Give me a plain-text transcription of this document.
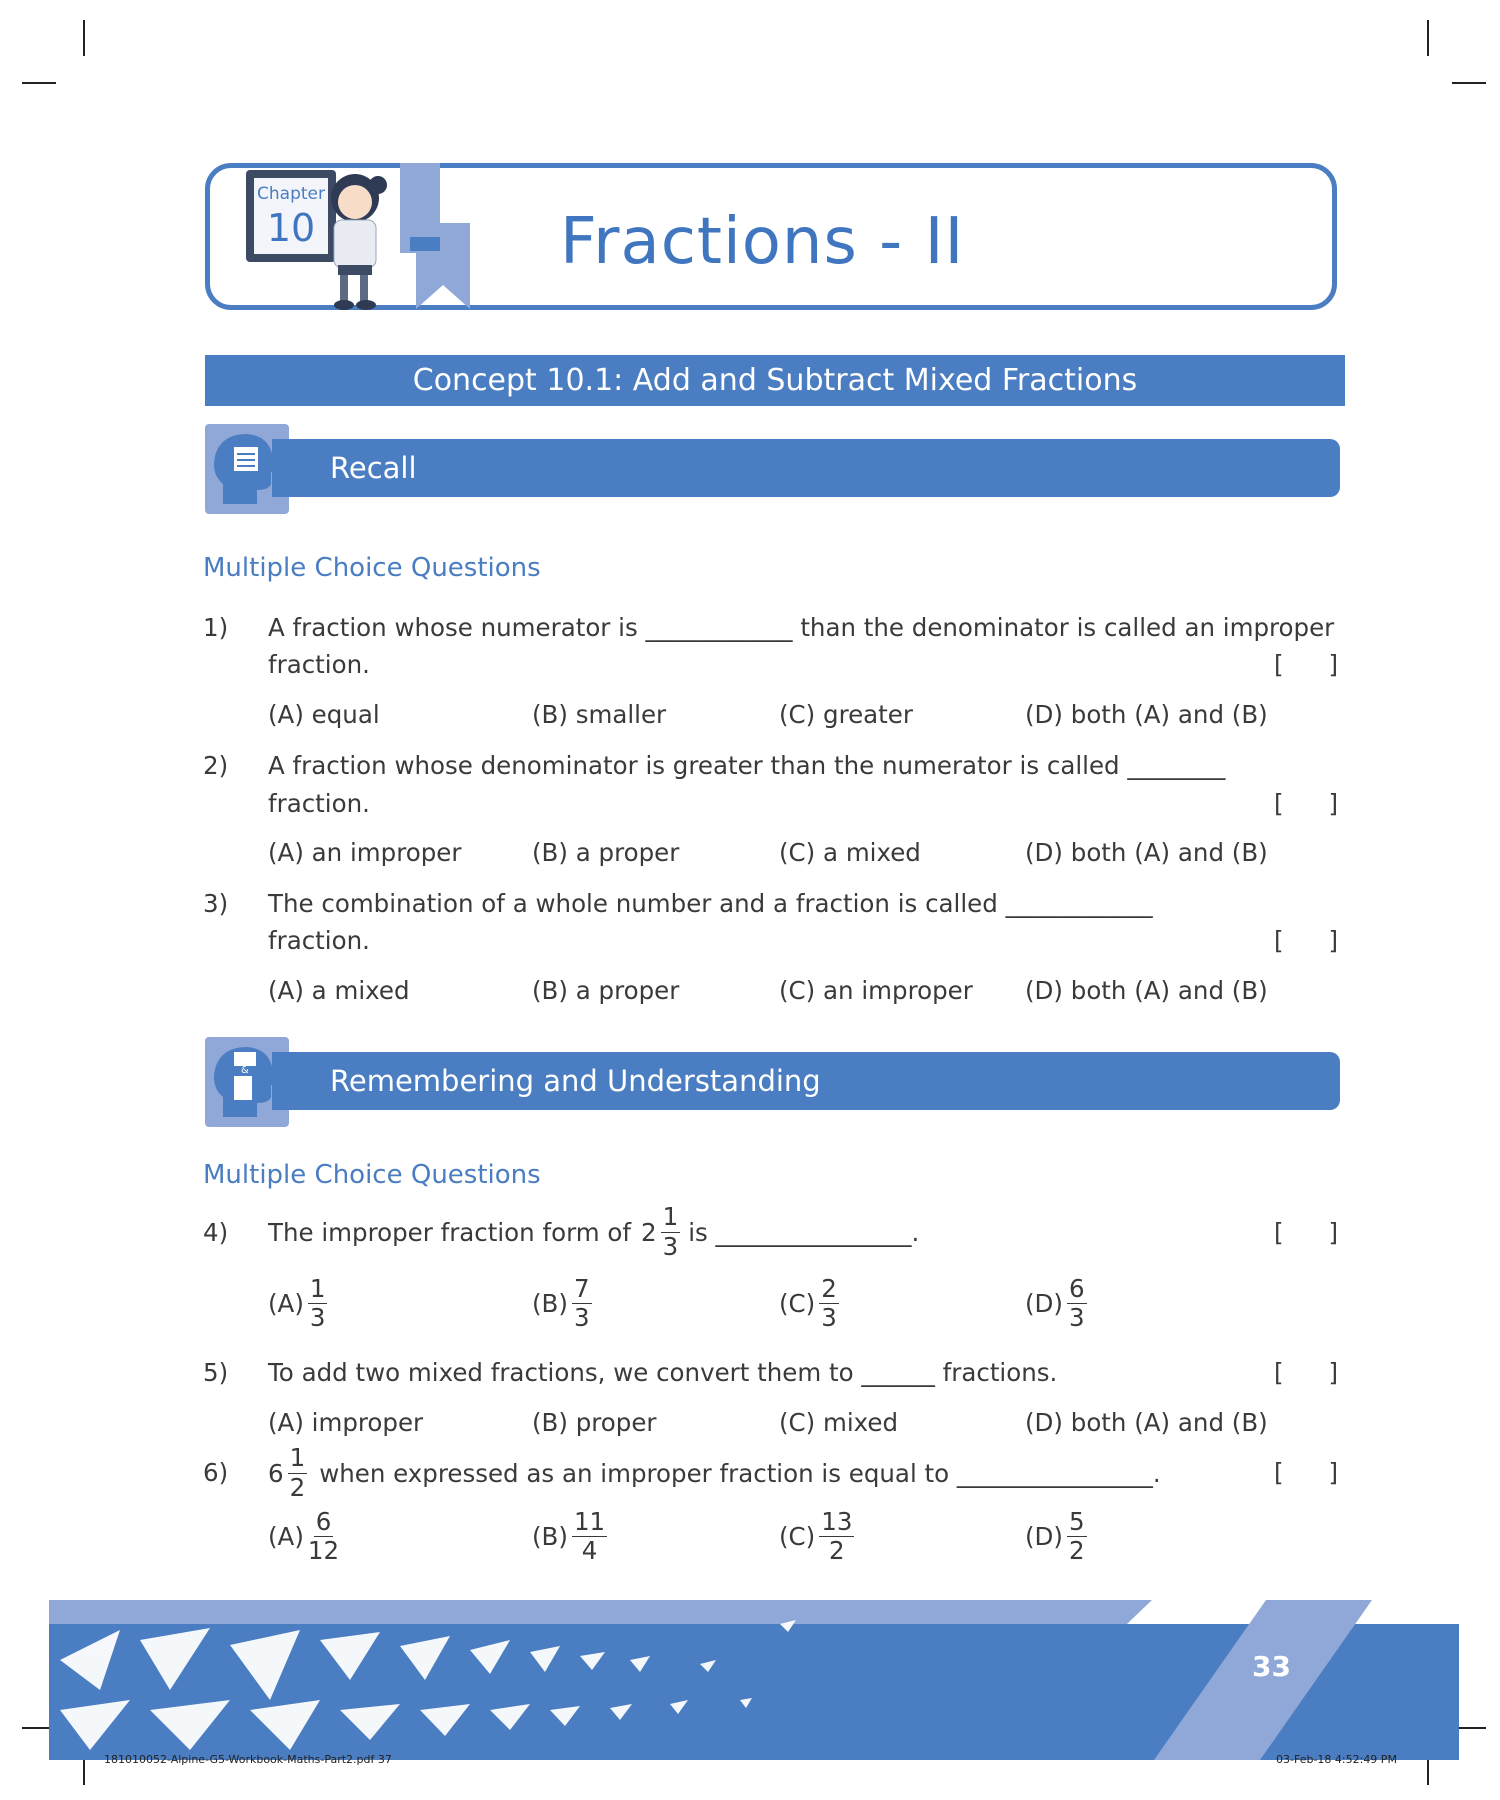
Chapter
10	Fractions - II
Concept 10.1: Add and Subtract Mixed Fractions
Recall
Multiple Choice Questions
1) A fraction whose numerator is ____________ than the denominator is called an improper
fraction.	[ ]
(A) equal	(B) smaller	(C) greater	(D) both (A) and (B)
2) A fraction whose denominator is greater than the numerator is called ________
fraction.	[ ]
(A) an improper	(B) a proper	(C) a mixed	(D) both (A) and (B)
3) The combination of a whole number and a fraction is called ____________
fraction.	[ ]
(A) a mixed	(B) a proper	(C) an improper (D) both (A) and (B)
&	Remembering and Understanding
Multiple Choice Questions
4) The improper fraction form of $2 \frac{1}{3}$ is ________________.	[ ]
$(A) \frac{1}{3}$	$(B) \frac{7}{3}$	$(C) \frac{2}{3}$	$(D) \frac{6}{3}$
5) To add two mixed fractions, we convert them to ______ fractions.	[ ]
(A) improper	(B) proper	(C) mixed	(D) both (A) and (B)
6) $6 \frac{1}{2}$ when expressed as an improper fraction is equal to ________________.	[ ]
$(A) \frac{6}{12}$	$(B) \frac{11}{4}$	$(C) \frac{13}{2}$	$(D) \frac{5}{2}$
33
181010052-Alpine-G5-Workbook-Maths-Part2.pdf 37	03-Feb-18 4:52:49 PM
